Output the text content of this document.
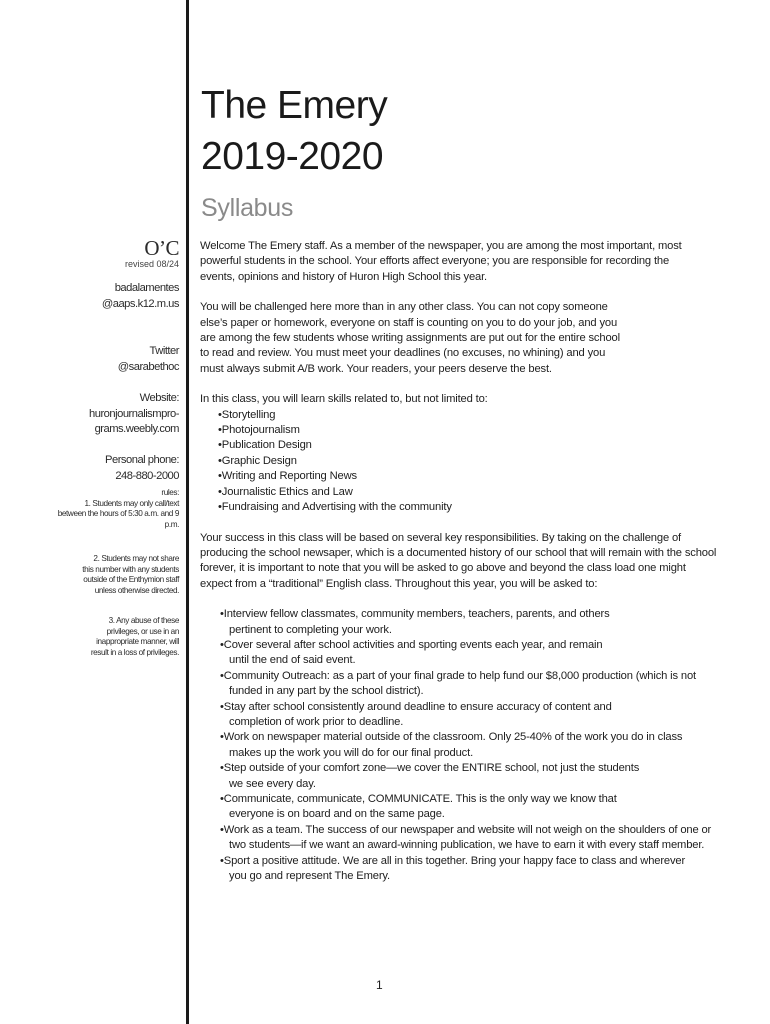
The Emery
2019-2020
Syllabus
O’C
revised 08/24
badalamentes
@aaps.k12.m.us
Twitter
@sarabethoc
Website:
huronjournalismpro-
grams.weebly.com
Personal phone:
248-880-2000
rules:
1. Students may only call/text between the hours of 5:30 a.m. and 9 p.m.
2. Students may not share this number with any students outside of the Enthymion staff unless otherwise directed.
3. Any abuse of these privileges, or use in an inappropriate manner, will result in a loss of privileges.

Welcome The Emery staff. As a member of the newspaper, you are among the most important, most powerful students in the school. Your efforts affect everyone; you are responsible for recording the events, opinions and history of Huron High School this year.

You will be challenged here more than in any other class. You can not copy someone else’s paper or homework, everyone on staff is counting on you to do your job, and you are among the few students whose writing assignments are put out for the entire school to read and review. You must meet your deadlines (no excuses, no whining) and you must always submit A/B work. Your readers, your peers deserve the best.

In this class, you will learn skills related to, but not limited to:

• Storytelling
• Photojournalism
• Publication Design
• Graphic Design
• Writing and Reporting News
• Journalistic Ethics and Law
• Fundraising and Advertising with the community

Your success in this class will be based on several key responsibilities. By taking on the challenge of producing the school newsaper, which is a documented history of our school that will remain with the school forever, it is important to note that you will be asked to go above and beyond the class load one might expect from a “traditional” English class. Throughout this year, you will be asked to:

• Interview fellow classmates, community members, teachers, parents, and others pertinent to completing your work.
• Cover several after school activities and sporting events each year, and remain until the end of said event.
• Community Outreach: as a part of your final grade to help fund our $8,000 production (which is not funded in any part by the school district).
• Stay after school consistently around deadline to ensure accuracy of content and completion of work prior to deadline.
• Work on newspaper material outside of the classroom. Only 25-40% of the work you do in class makes up the work you will do for our final product.
• Step outside of your comfort zone—we cover the ENTIRE school, not just the students we see every day.
• Communicate, communicate, COMMUNICATE. This is the only way we know that everyone is on board and on the same page.
• Work as a team. The success of our newspaper and website will not weigh on the shoulders of one or two students—if we want an award-winning publication, we have to earn it with every staff member.
• Sport a positive attitude. We are all in this together. Bring your happy face to class and wherever you go and represent The Emery.
1
